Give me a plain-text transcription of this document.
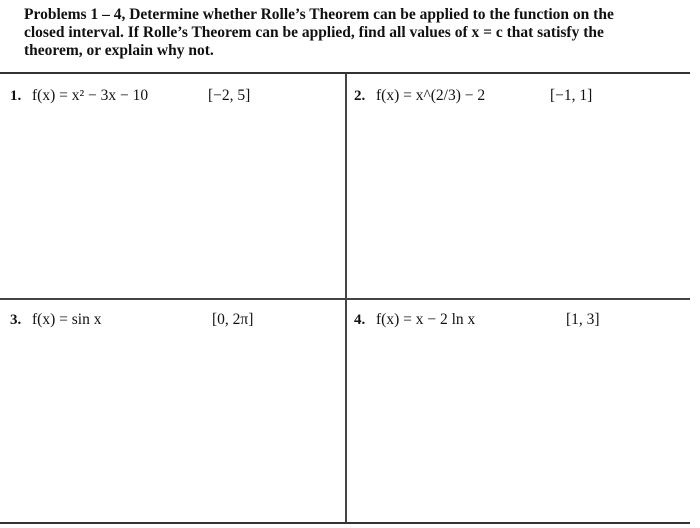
Problems 1 – 4, Determine whether Rolle’s Theorem can be applied to the function on the
closed interval. If Rolle’s Theorem can be applied, find all values of x = c that satisfy the
theorem, or explain why not.
1. f(x) = x² − 3x − 10	[−2, 5]	2. f(x) = x^(2/3) − 2	[−1, 1]
3. f(x) = sin x	[0, 2π]	4. f(x) = x − 2 ln x	[1, 3]
